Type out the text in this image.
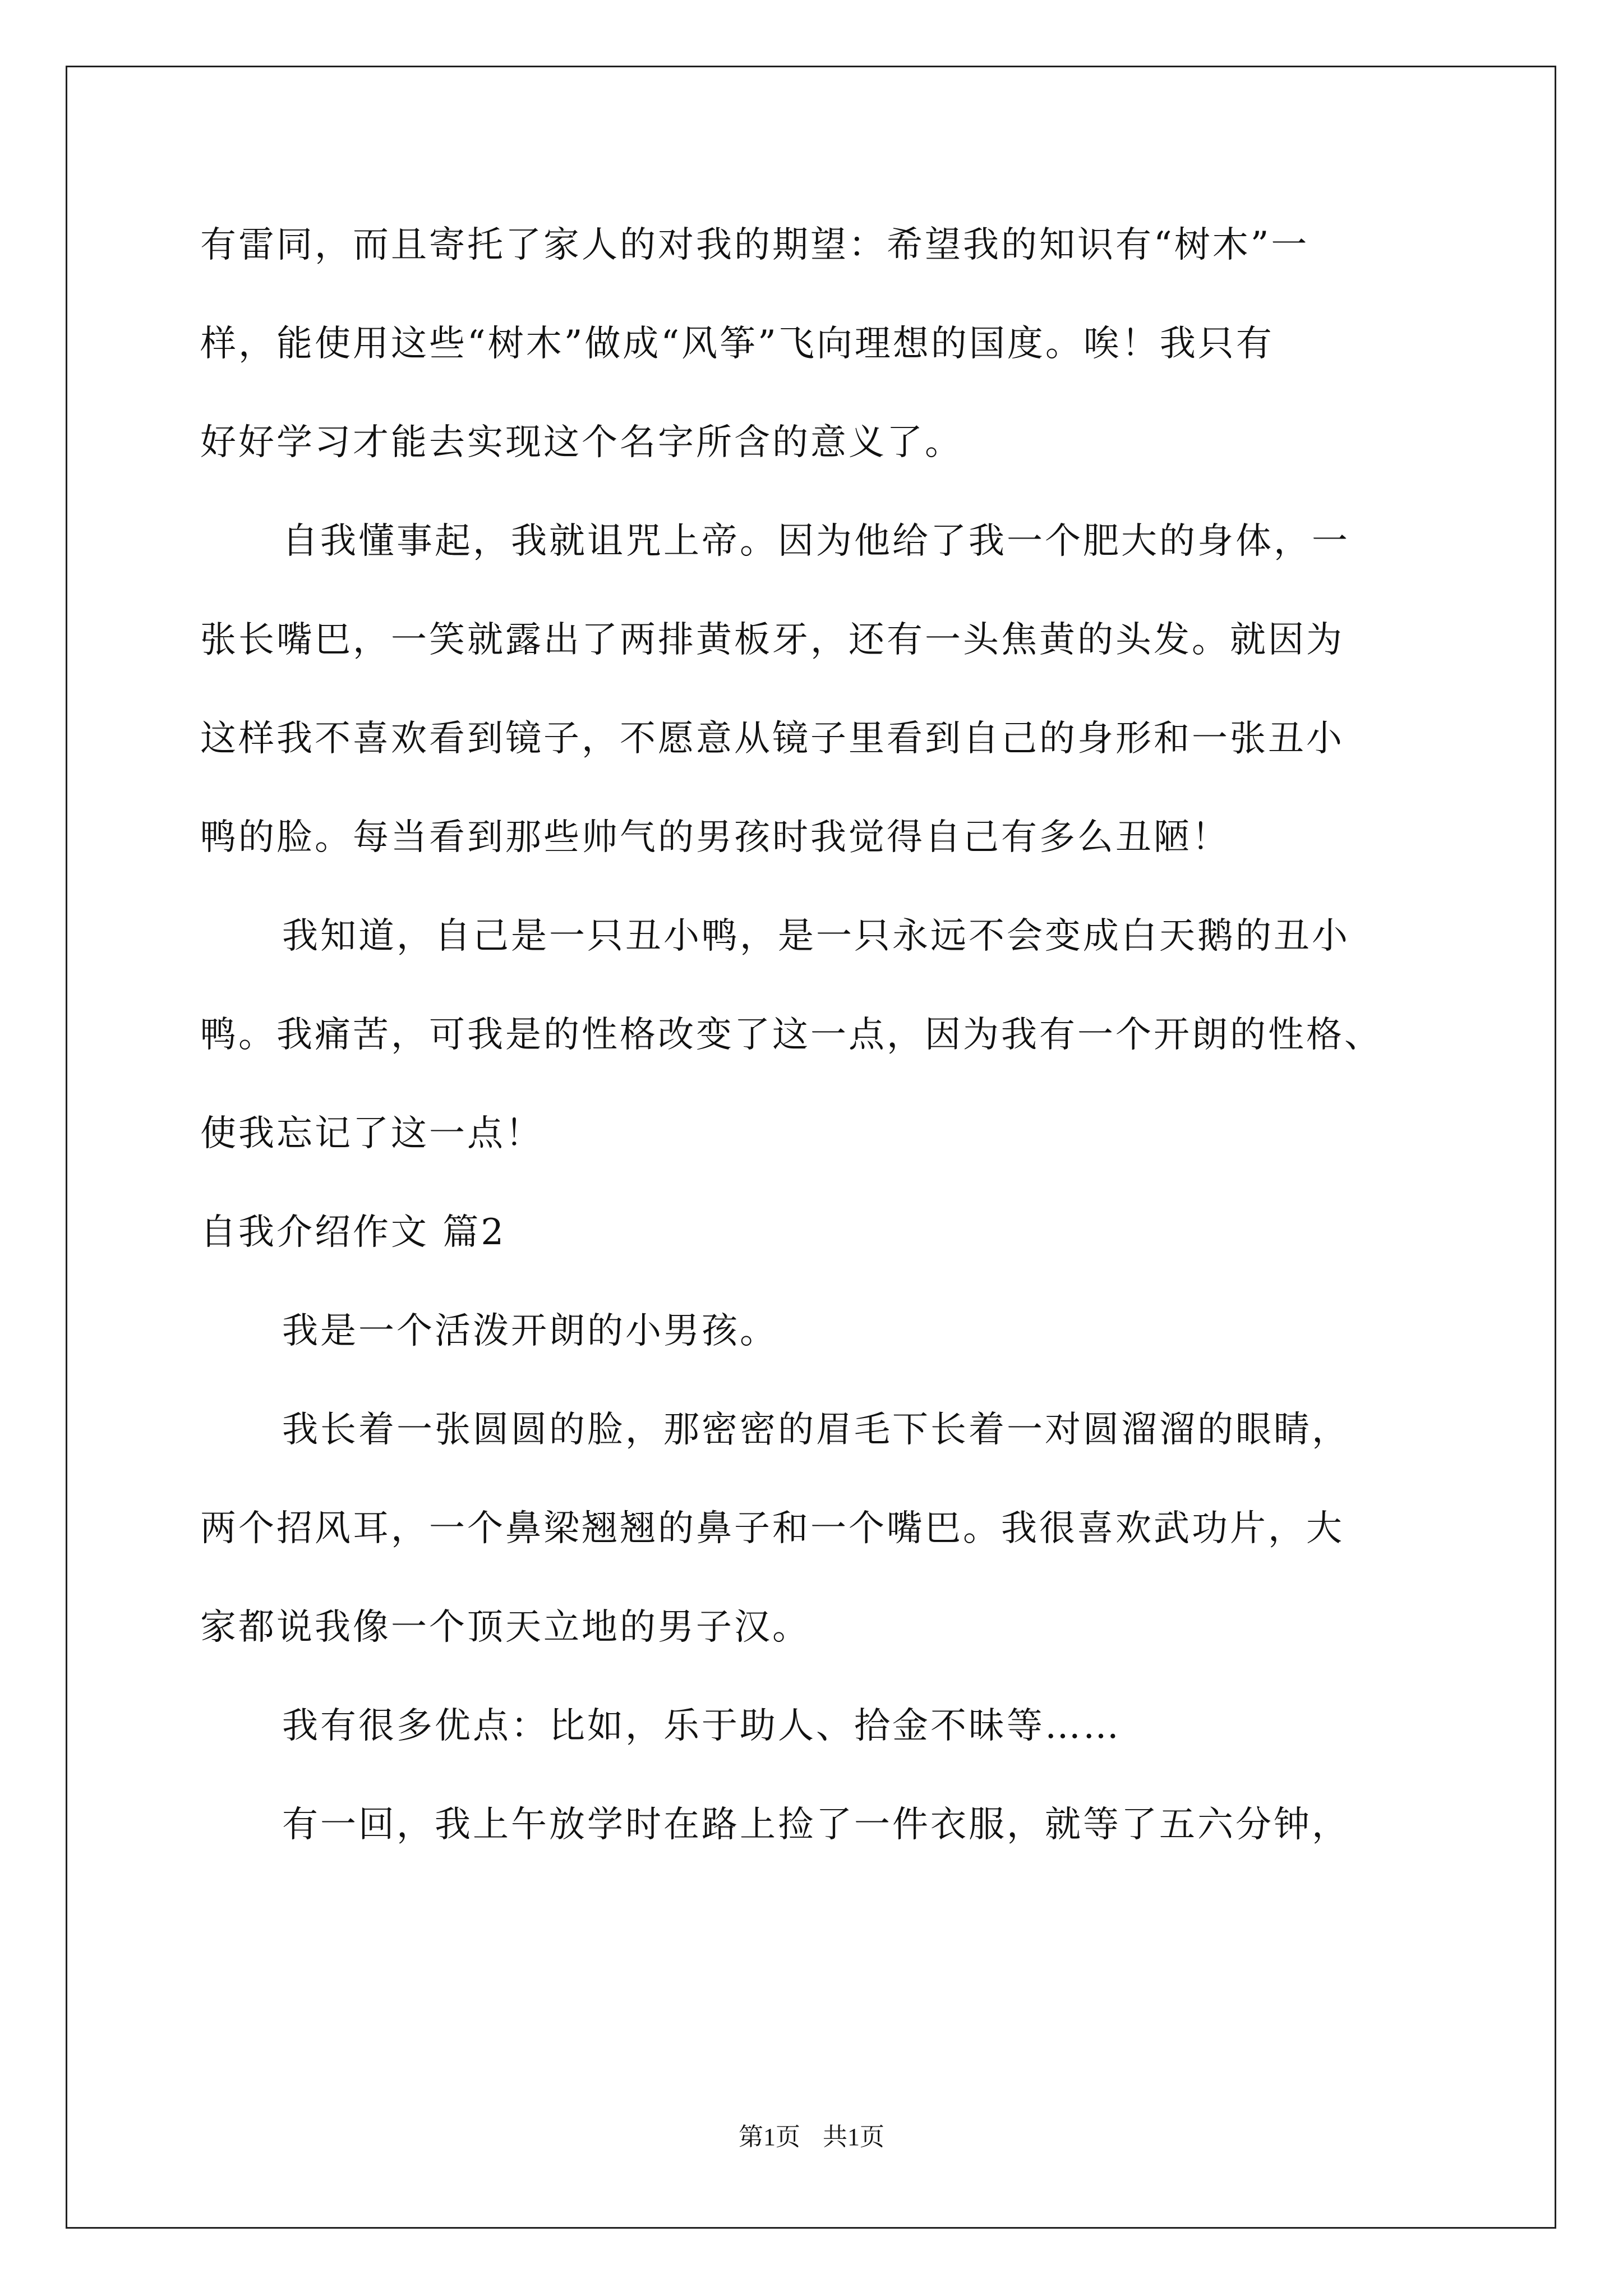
有雷同，而且寄托了家人的对我的期望：希望我的知识有“树木”一
样，能使用这些“树木”做成“风筝”飞向理想的国度。唉！我只有
好好学习才能去实现这个名字所含的意义了。
自我懂事起，我就诅咒上帝。因为他给了我一个肥大的身体，一
张长嘴巴，一笑就露出了两排黄板牙，还有一头焦黄的头发。就因为
这样我不喜欢看到镜子，不愿意从镜子里看到自己的身形和一张丑小
鸭的脸。每当看到那些帅气的男孩时我觉得自己有多么丑陋！
我知道，自己是一只丑小鸭，是一只永远不会变成白天鹅的丑小
鸭。我痛苦，可我是的性格改变了这一点，因为我有一个开朗的性格、
使我忘记了这一点！
自我介绍作文 篇2
我是一个活泼开朗的小男孩。
我长着一张圆圆的脸，那密密的眉毛下长着一对圆溜溜的眼睛，
两个招风耳，一个鼻梁翘翘的鼻子和一个嘴巴。我很喜欢武功片，大
家都说我像一个顶天立地的男子汉。
我有很多优点：比如，乐于助人、拾金不昧等……
有一回，我上午放学时在路上捡了一件衣服，就等了五六分钟，
第1页 共1页
